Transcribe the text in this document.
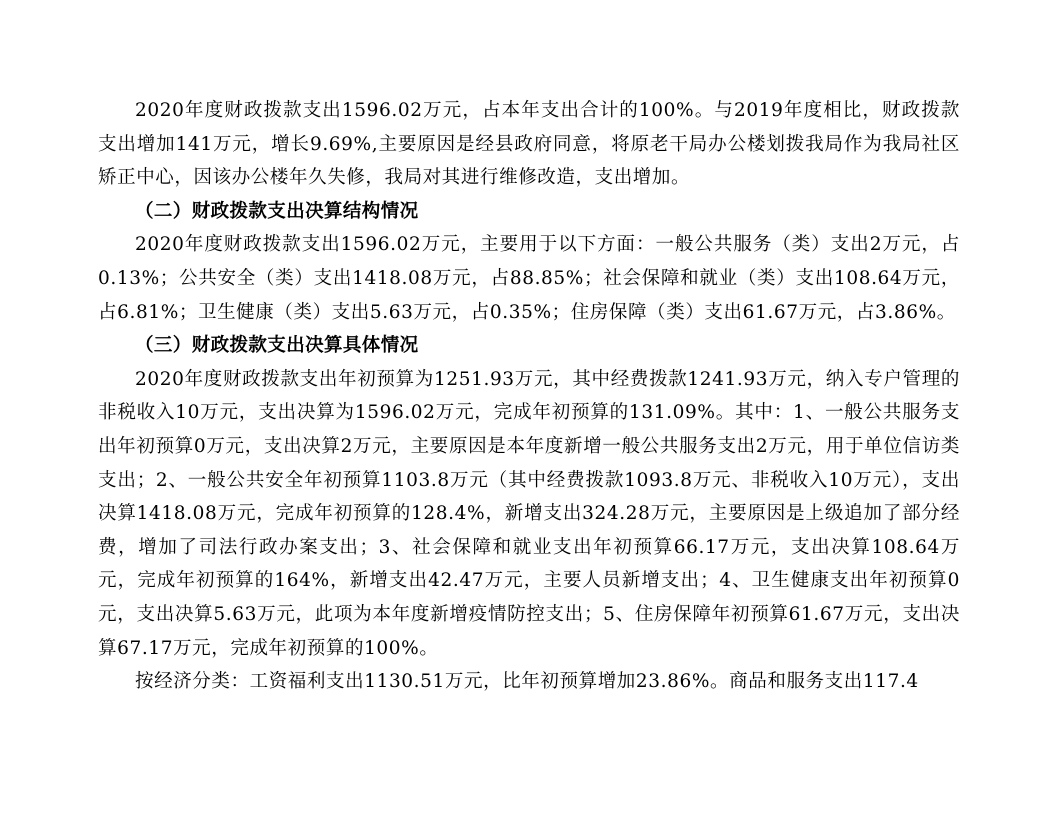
2020年度财政拨款支出1596.02万元，占本年支出合计的100%。与2019年度相比，财政拨款支出增加141万元，增长9.69%,主要原因是经县政府同意，将原老干局办公楼划拨我局作为我局社区矫正中心，因该办公楼年久失修，我局对其进行维修改造，支出增加。

（二）财政拨款支出决算结构情况

2020年度财政拨款支出1596.02万元，主要用于以下方面：一般公共服务（类）支出2万元，占0.13%；公共安全（类）支出1418.08万元，占88.85%；社会保障和就业（类）支出108.64万元，占6.81%；卫生健康（类）支出5.63万元，占0.35%；住房保障（类）支出61.67万元，占3.86%。

（三）财政拨款支出决算具体情况

2020年度财政拨款支出年初预算为1251.93万元，其中经费拨款1241.93万元，纳入专户管理的非税收入10万元，支出决算为1596.02万元，完成年初预算的131.09%。其中：1、一般公共服务支出年初预算0万元，支出决算2万元，主要原因是本年度新增一般公共服务支出2万元，用于单位信访类支出；2、一般公共安全年初预算1103.8万元（其中经费拨款1093.8万元、非税收入10万元），支出决算1418.08万元，完成年初预算的128.4%，新增支出324.28万元，主要原因是上级追加了部分经费，增加了司法行政办案支出；3、社会保障和就业支出年初预算66.17万元，支出决算108.64万元，完成年初预算的164%，新增支出42.47万元，主要人员新增支出；4、卫生健康支出年初预算0元，支出决算5.63万元，此项为本年度新增疫情防控支出；5、住房保障年初预算61.67万元，支出决算67.17万元，完成年初预算的100%。

按经济分类：工资福利支出1130.51万元，比年初预算增加23.86%。商品和服务支出117.4
